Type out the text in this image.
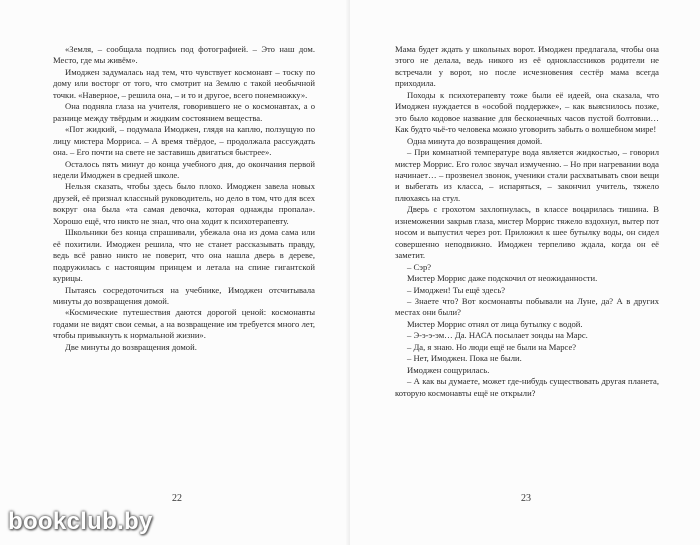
«Земля, – сообщала подпись под фотографией. – Это наш дом. Место, где мы живём».

Имоджен задумалась над тем, что чувствует космонавт – тоску по дому или восторг от того, что смотрит на Землю с такой необычной точки. «Наверное, – решила она, – и то и другое, всего понемножку».

Она подняла глаза на учителя, говорившего не о космонавтах, а о разнице между твёрдым и жидким состоянием вещества.

«Пот жидкий, – подумала Имоджен, глядя на каплю, ползущую по лицу мистера Морриса. – А время твёрдое, – продолжала рассуждать она. – Его почти на свете не заставишь двигаться быстрее».

Осталось пять минут до конца учебного дня, до окончания первой недели Имоджен в средней школе.

Нельзя сказать, чтобы здесь было плохо. Имоджен завела новых друзей, её признал классный руководитель, но дело в том, что для всех вокруг она была «та самая девочка, которая однажды пропала». Хорошо ещё, что никто не знал, что она ходит к психотерапевту.

Школьники без конца спрашивали, убежала она из дома сама или её похитили. Имоджен решила, что не станет рассказывать правду, ведь всё равно никто не поверит, что она нашла дверь в дереве, подружилась с настоящим принцем и летала на спине гигантской курицы.

Пытаясь сосредоточиться на учебнике, Имоджен отсчитывала минуты до возвращения домой.

«Космические путешествия даются дорогой ценой: космонавты годами не видят свои семьи, а на возвращение им требуется много лет, чтобы привыкнуть к нормальной жизни».

Две минуты до возвращения домой.

22

Мама будет ждать у школьных ворот. Имоджен предлагала, чтобы она этого не делала, ведь никого из её одноклассников родители не встречали у ворот, но после исчезновения сестёр мама всегда приходила.

Походы к психотерапевту тоже были её идеей, она сказала, что Имоджен нуждается в «особой поддержке», – как выяснилось позже, это было кодовое название для бесконечных часов пустой болтовни… Как будто чьё-то человека можно уговорить забыть о волшебном мире!

Одна минута до возвращения домой.

– При комнатной температуре вода является жидкостью, – говорил мистер Моррис. Его голос звучал измученно. – Но при нагревании вода начинает… – прозвенел звонок, ученики стали расхватывать свои вещи и выбегать из класса, – испаряться, – закончил учитель, тяжело плюхаясь на стул.

Дверь с грохотом захлопнулась, в классе воцарилась тишина. В изнеможении закрыв глаза, мистер Моррис тяжело вздохнул, вытер пот носом и выпустил через рот. Приложил к шее бутылку воды, он сидел совершенно неподвижно. Имоджен терпеливо ждала, когда он её заметит.

– Сэр?

Мистер Моррис даже подскочил от неожиданности.

– Имоджен! Ты ещё здесь?

– Знаете что? Вот космонавты побывали на Луне, да? А в других местах они были?

Мистер Моррис отнял от лица бутылку с водой.

– Э-э-э-эм… Да. НАСА посылает зонды на Марс.

– Да, я знаю. Но люди ещё не были на Марсе?

– Нет, Имоджен. Пока не были.

Имоджен сощурилась.

– А как вы думаете, может где-нибудь существовать другая планета, которую космонавты ещё не открыли?

23
bookclub.by
